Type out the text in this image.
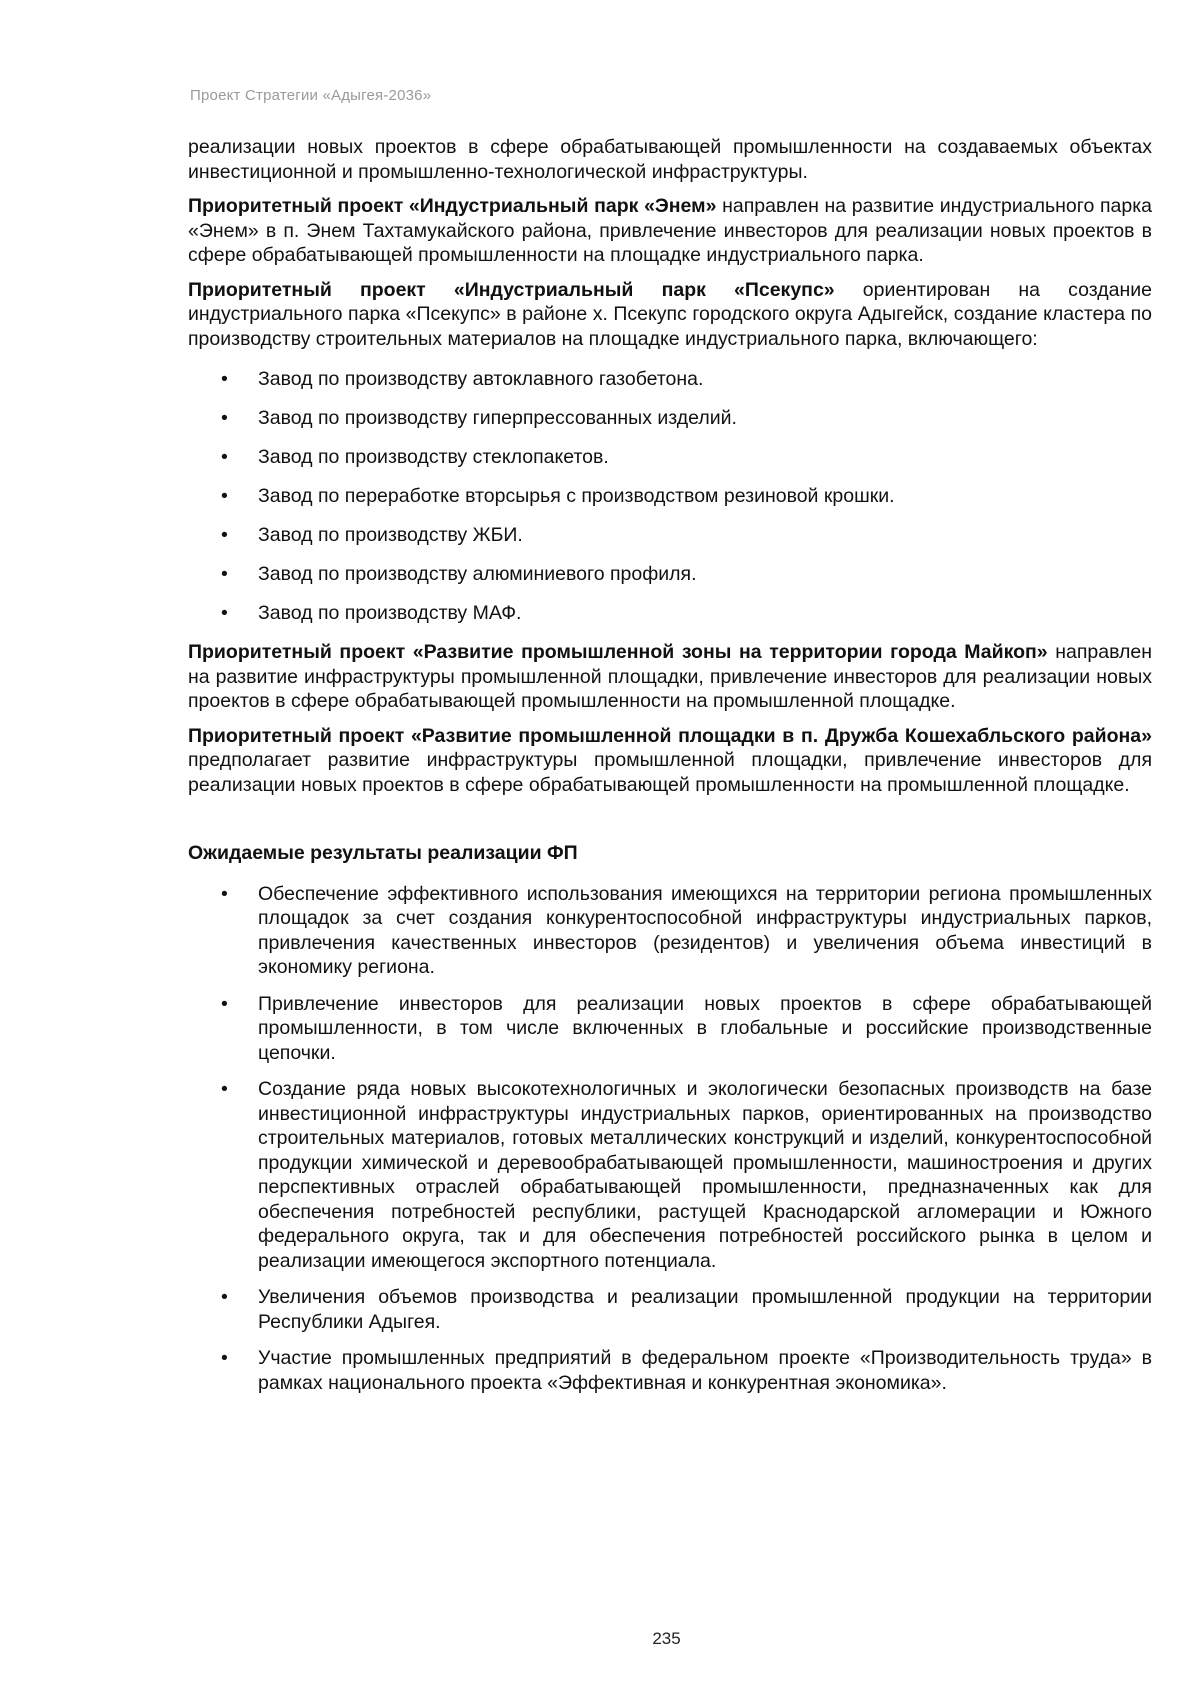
Проект Стратегии «Адыгея-2036»

реализации новых проектов в сфере обрабатывающей промышленности на создаваемых объектах инвестиционной и промышленно-технологической инфраструктуры.

Приоритетный проект «Индустриальный парк «Энем» направлен на развитие индустриального парка «Энем» в п. Энем Тахтамукайского района, привлечение инвесторов для реализации новых проектов в сфере обрабатывающей промышленности на площадке индустриального парка.

Приоритетный проект «Индустриальный парк «Псекупс» ориентирован на создание индустриального парка «Псекупс» в районе х. Псекупс городского округа Адыгейск, создание кластера по производству строительных материалов на площадке индустриального парка, включающего:

• Завод по производству автоклавного газобетона.
• Завод по производству гиперпрессованных изделий.
• Завод по производству стеклопакетов.
• Завод по переработке вторсырья с производством резиновой крошки.
• Завод по производству ЖБИ.
• Завод по производству алюминиевого профиля.
• Завод по производству МАФ.

Приоритетный проект «Развитие промышленной зоны на территории города Майкоп» направлен на развитие инфраструктуры промышленной площадки, привлечение инвесторов для реализации новых проектов в сфере обрабатывающей промышленности на промышленной площадке.

Приоритетный проект «Развитие промышленной площадки в п. Дружба Кошехабльского района» предполагает развитие инфраструктуры промышленной площадки, привлечение инвесторов для реализации новых проектов в сфере обрабатывающей промышленности на промышленной площадке.

Ожидаемые результаты реализации ФП
• Обеспечение эффективного использования имеющихся на территории региона промышленных площадок за счет создания конкурентоспособной инфраструктуры индустриальных парков, привлечения качественных инвесторов (резидентов) и увеличения объема инвестиций в экономику региона.
• Привлечение инвесторов для реализации новых проектов в сфере обрабатывающей промышленности, в том числе включенных в глобальные и российские производственные цепочки.
• Создание ряда новых высокотехнологичных и экологически безопасных производств на базе инвестиционной инфраструктуры индустриальных парков, ориентированных на производство строительных материалов, готовых металлических конструкций и изделий, конкурентоспособной продукции химической и деревообрабатывающей промышленности, машиностроения и других перспективных отраслей обрабатывающей промышленности, предназначенных как для обеспечения потребностей республики, растущей Краснодарской агломерации и Южного федерального округа, так и для обеспечения потребностей российского рынка в целом и реализации имеющегося экспортного потенциала.
• Увеличения объемов производства и реализации промышленной продукции на территории Республики Адыгея.
• Участие промышленных предприятий в федеральном проекте «Производительность труда» в рамках национального проекта «Эффективная и конкурентная экономика».
235
